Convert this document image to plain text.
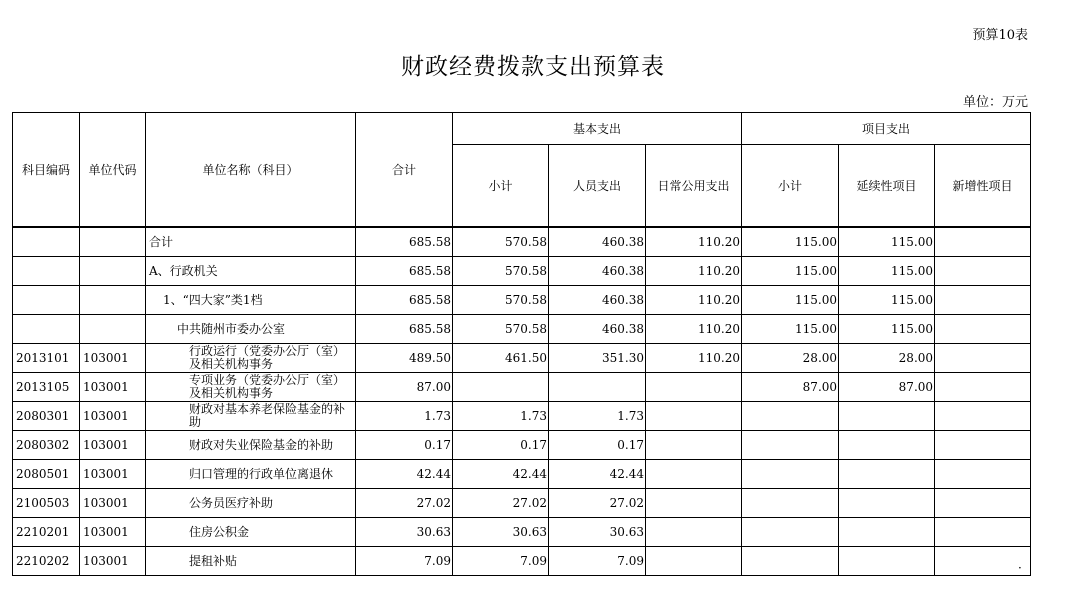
预算10表
财政经费拨款支出预算表
单位：万元
科目编码	单位代码	单位名称（科目）	合计	基本支出			项目支出		
				小计	人员支出	日常公用支出	小计	延续性项目	新增性项目

		合计	685.58	570.58	460.38	110.20	115.00	115.00	

		A、行政机关	685.58	570.58	460.38	110.20	115.00	115.00	

		1、“四大家”类1档	685.58	570.58	460.38	110.20	115.00	115.00	

		中共随州市委办公室	685.58	570.58	460.38	110.20	115.00	115.00	

2013101	103001	行政运行（党委办公厅（室）及相关机构事务	489.50	461.50	351.30	110.20	28.00	28.00	

2013105	103001	专项业务（党委办公厅（室）及相关机构事务	87.00				87.00	87.00	

2080301	103001	财政对基本养老保险基金的补助	1.73	1.73	1.73				

2080302	103001	财政对失业保险基金的补助	0.17	0.17	0.17				

2080501	103001	归口管理的行政单位离退休	42.44	42.44	42.44				

2100503	103001	公务员医疗补助	27.02	27.02	27.02				

2210201	103001	住房公积金	30.63	30.63	30.63				

2210202	103001	提租补贴	7.09	7.09	7.09				

		·
